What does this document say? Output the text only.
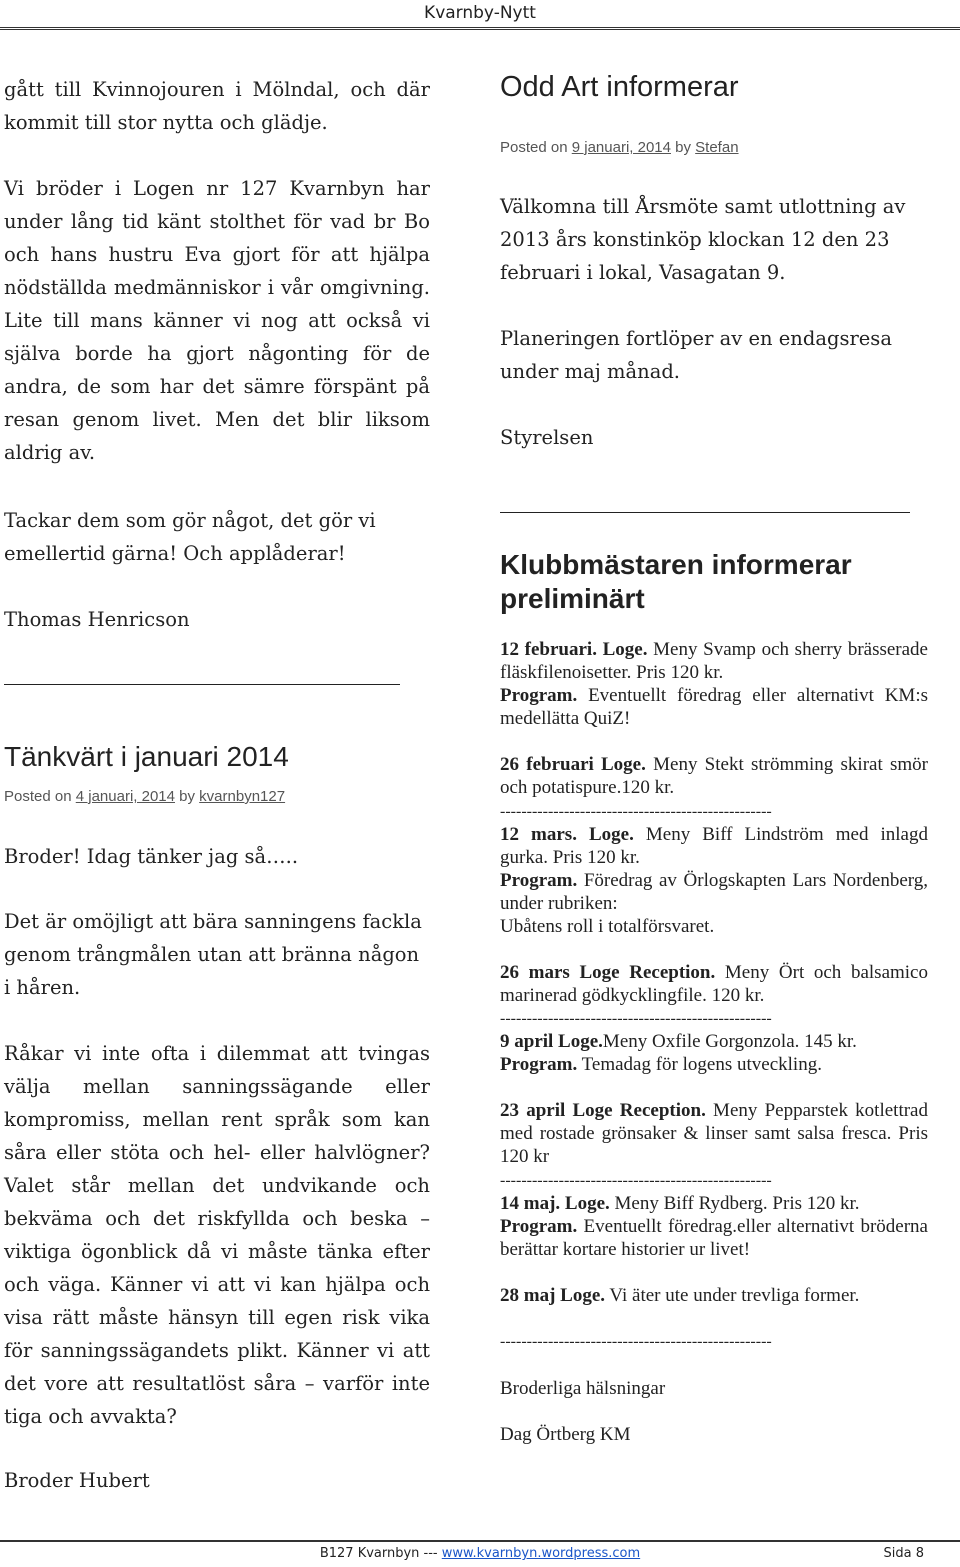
Kvarnby-Nytt

gått till Kvinnojouren i Mölndal, och där kommit till stor nytta och glädje.

Vi bröder i Logen nr 127 Kvarnbyn har under lång tid känt stolthet för vad br Bo och hans hustru Eva gjort för att hjälpa nödställda medmänniskor i vår omgivning. Lite till mans känner vi nog att också vi själva borde ha gjort någonting för de andra, de som har det sämre förspänt på resan genom livet. Men det blir liksom aldrig av.

Tackar dem som gör något, det gör vi emellertid gärna! Och applåderar!

Thomas Henricson

Tänkvärt i januari 2014
Posted on 4 januari, 2014 by kvarnbyn127

Broder! Idag tänker jag så…..

Det är omöjligt att bära sanningens fackla genom trångmålen utan att bränna någon i håren.

Råkar vi inte ofta i dilemmat att tvingas välja mellan sanningssägande eller kompromiss, mellan rent språk som kan såra eller stöta och hel- eller halvlögner? Valet står mellan det undvikande och bekväma och det riskfyllda och beska – viktiga ögonblick då vi måste tänka efter och väga. Känner vi att vi kan hjälpa och visa rätt måste hänsyn till egen risk vika för sanningssägandets plikt. Känner vi att det vore att resultatlöst såra – varför inte tiga och avvakta?

Broder Hubert

Odd Art informerar
Posted on 9 januari, 2014 by Stefan

Välkomna till Årsmöte samt utlottning av 2013 års konstinköp klockan 12 den 23 februari i lokal, Vasagatan 9.

Planeringen fortlöper av en endagsresa under maj månad.

Styrelsen

Klubbmästaren informerar preliminärt

12 februari. Loge. Meny Svamp och sherry brässerade fläskfilenoisetter. Pris 120 kr.

Program. Eventuellt föredrag eller alternativt KM:s medellätta QuiZ!

26 februari Loge. Meny Stekt strömming skirat smör och potatispure.120 kr.

---------------------------------------------------

12 mars. Loge. Meny Biff Lindström med inlagd gurka. Pris 120 kr.

Program. Föredrag av Örlogskapten Lars Nordenberg, under rubriken:

Ubåtens roll i totalförsvaret.

26 mars Loge Reception. Meny Ört och balsamico marinerad gödkycklingfile. 120 kr.

---------------------------------------------------

9 april Loge.Meny Oxfile Gorgonzola. 145 kr.

Program. Temadag för logens utveckling.

23 april Loge Reception. Meny Pepparstek kotlettrad med rostade grönsaker & linser samt salsa fresca. Pris 120 kr

---------------------------------------------------

14 maj. Loge. Meny Biff Rydberg. Pris 120 kr.

Program. Eventuellt föredrag.eller alternativt bröderna berättar kortare historier ur livet!

28 maj Loge. Vi äter ute under trevliga former.

---------------------------------------------------

Broderliga hälsningar

Dag Örtberg KM

B127 Kvarnbyn --- www.kvarnbyn.wordpress.com	Sida 8
